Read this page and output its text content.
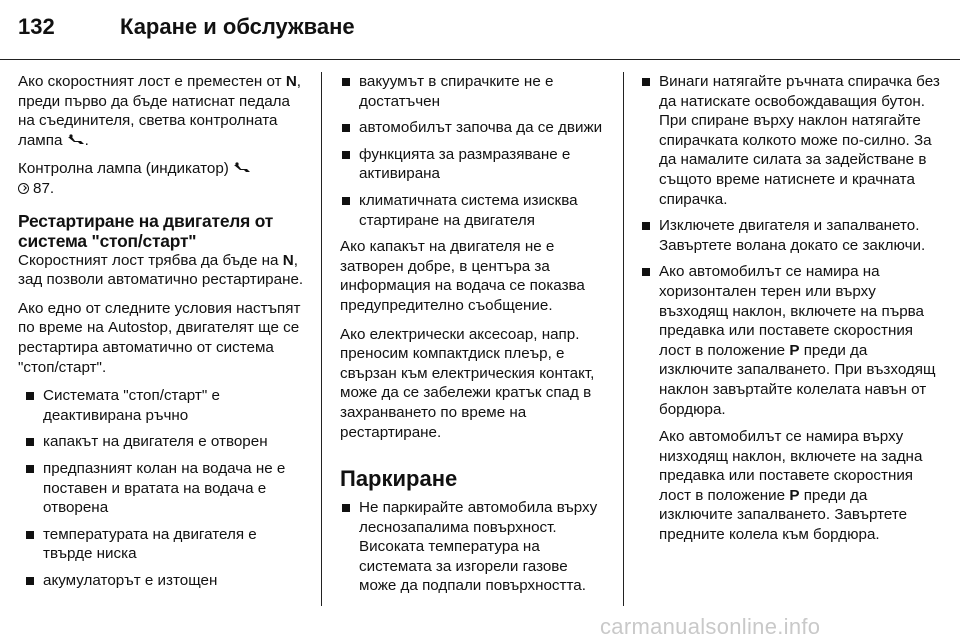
132	Каране и обслужване

Ако скоростният лост е преместен от N, преди първо да бъде натиснат педала на съединителя, светва контролната лампа .

Контролна лампа (индикатор)
87.

Рестартиране на двигателя от система "стоп/старт"

Скоростният лост трябва да бъде на N, зад позволи автоматично рестартиране.

Ако едно от следните условия настъпят по време на Autostop, двигателят ще се рестартира автоматично от система "стоп/старт".

Системата "стоп/старт" е деактивирана ръчно
капакът на двигателя е отворен
предпазният колан на водача не е поставен и вратата на водача е отворена
температурата на двигателя е твърде ниска
акумулаторът е изтощен
вакуумът в спирачките не е достатъчен
автомобилът започва да се движи
функцията за размразяване е активирана
климатичната система изисква стартиране на двигателя

Ако капакът на двигателя не е затворен добре, в центъра за информация на водача се показва предупредително съобщение.

Ако електрически аксесоар, напр. преносим компактдиск плеър, е свързан към електрическия контакт, може да се забележи кратък спад в захранването по време на рестартиране.

Паркиране
Не паркирайте автомобила върху леснозапалима повърхност. Високата температура на системата за изгорели газове може да подпали повърхността.
Винаги натягайте ръчната спирачка без да натискате освобождаващия бутон. При спиране върху наклон натягайте спирачката колкото може по-силно. За да намалите силата за задействане в същото време натиснете и крачната спирачка.
Изключете двигателя и запалването. Завъртете волана докато се заключи.
Ако автомобилът се намира на хоризонтален терен или върху възходящ наклон, включете на първа предавка или поставете скоростния лост в положение P преди да изключите запалването. При възходящ наклон завъртайте колелата навън от бордюра.
Ако автомобилът се намира върху низходящ наклон, включете на задна предавка или поставете скоростния лост в положение P преди да изключите запалването. Завъртете предните колела към бордюра.
carmanualsonline.info
